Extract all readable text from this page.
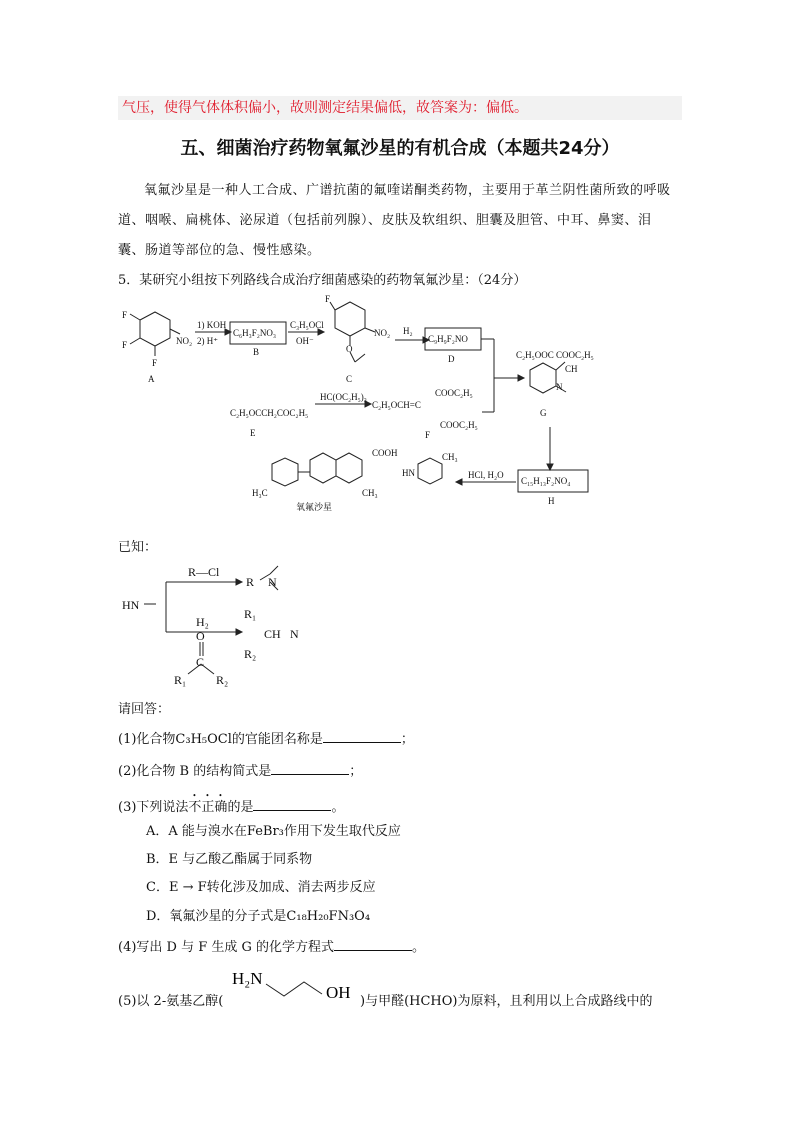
气压，使得气体体积偏小，故则测定结果偏低，故答案为：偏低。
五、细菌治疗药物氧氟沙星的有机合成（本题共24分）
氧氟沙星是一种人工合成、广谱抗菌的氟喹诺酮类药物，主要用于革兰阴性菌所致的呼吸道、咽喉、扁桃体、泌尿道（包括前列腺）、皮肤及软组织、胆囊及胆管、中耳、鼻窦、泪囊、肠道等部位的急、慢性感染。
5．某研究小组按下列路线合成治疗细菌感染的药物氧氟沙星：（24分）
F
F
F
NO₂
A
1) KOH
2) H⁺
C₆H₃F₂NO₃
B
C₃H₅OCl
OH⁻
F
NO₂
O
C
H₂
C₉H₉F₂NO
D	C₂H₅OOC COOC₂H₅
CH
N
G
C₂H₅OCCH₂COC₂H₅
E
HC(OC₂H₅)₃
C₂H₅OCH=C
COOC₂H₅
COOC₂H₅
F
C₁₅H₁₃F₂NO₄
H
HCl, H₂O
HN
CH₃
COOH
CH₃
H₃C
氧氟沙星
已知：
HN
R—Cl
R N
H₂
O
C
R₁ R₂
R₁
CH N
R₂
请回答：
(1)化合物C₃H₅OCl的官能团名称是	；
(2)化合物 B 的结构简式是	；
(3)下列说法不正确的是	。
A．A 能与溴水在FeBr₃作用下发生取代反应
B．E 与乙酸乙酯属于同系物
C．E → F转化涉及加成、消去两步反应
D．氧氟沙星的分子式是C₁₈H₂₀FN₃O₄
(4)写出 D 与 F 生成 G 的化学方程式	。
(5)以 2-氨基乙醇(
H₂N
OH )与甲醛(HCHO)为原料，且利用以上合成路线中的
